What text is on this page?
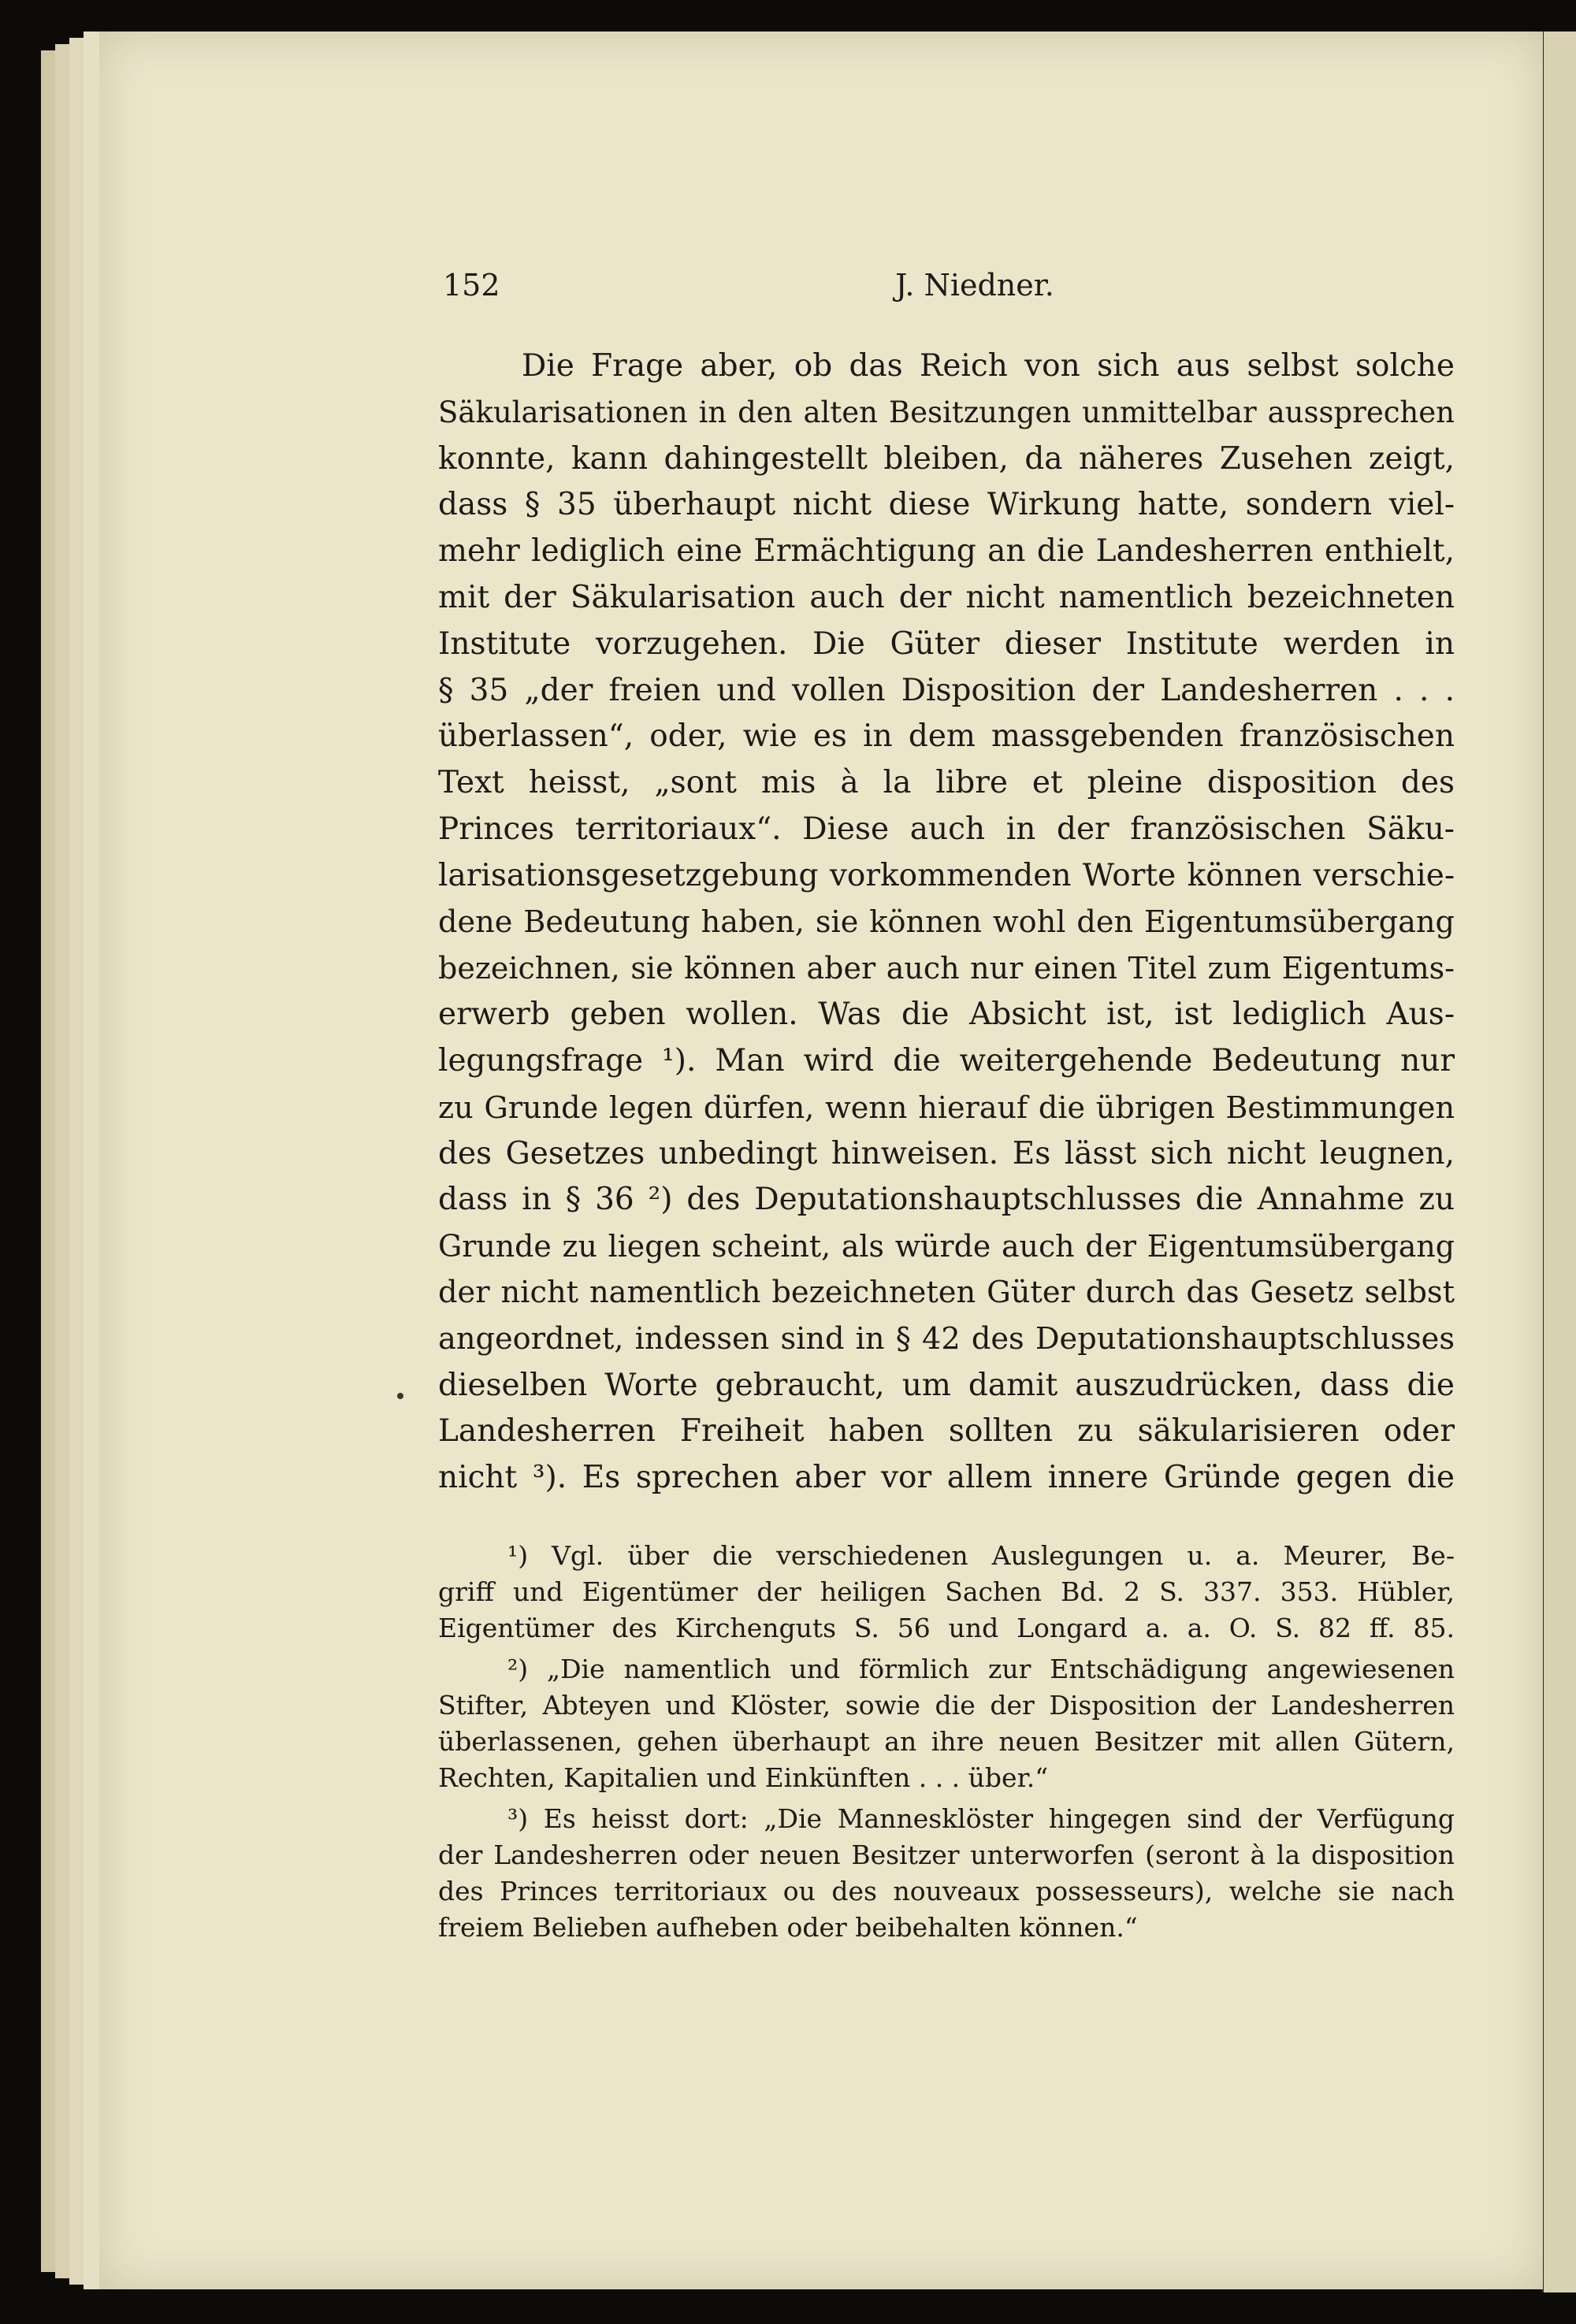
152	J. Niedner.
Die Frage aber, ob das Reich von sich aus selbst solche
Säkularisationen in den alten Besitzungen unmittelbar aussprechen
konnte, kann dahingestellt bleiben, da näheres Zusehen zeigt,
dass § 35 überhaupt nicht diese Wirkung hatte, sondern viel-
mehr lediglich eine Ermächtigung an die Landesherren enthielt,
mit der Säkularisation auch der nicht namentlich bezeichneten
Institute vorzugehen. Die Güter dieser Institute werden in
§ 35 „der freien und vollen Disposition der Landesherren . . .
überlassen“, oder, wie es in dem massgebenden französischen
Text heisst, „sont mis à la libre et pleine disposition des
Princes territoriaux“. Diese auch in der französischen Säku-
larisationsgesetzgebung vorkommenden Worte können verschie-
dene Bedeutung haben, sie können wohl den Eigentumsübergang
bezeichnen, sie können aber auch nur einen Titel zum Eigentums-
erwerb geben wollen. Was die Absicht ist, ist lediglich Aus-
legungsfrage ¹). Man wird die weitergehende Bedeutung nur
zu Grunde legen dürfen, wenn hierauf die übrigen Bestimmungen
des Gesetzes unbedingt hinweisen. Es lässt sich nicht leugnen,
dass in § 36 ²) des Deputationshauptschlusses die Annahme zu
Grunde zu liegen scheint, als würde auch der Eigentumsübergang
der nicht namentlich bezeichneten Güter durch das Gesetz selbst
angeordnet, indessen sind in § 42 des Deputationshauptschlusses
dieselben Worte gebraucht, um damit auszudrücken, dass die
Landesherren Freiheit haben sollten zu säkularisieren oder
nicht ³). Es sprechen aber vor allem innere Gründe gegen die
¹) Vgl. über die verschiedenen Auslegungen u. a. Meurer, Be-
griff und Eigentümer der heiligen Sachen Bd. 2 S. 337. 353. Hübler,
Eigentümer des Kirchenguts S. 56 und Longard a. a. O. S. 82 ff. 85.
²) „Die namentlich und förmlich zur Entschädigung angewiesenen
Stifter, Abteyen und Klöster, sowie die der Disposition der Landesherren
überlassenen, gehen überhaupt an ihre neuen Besitzer mit allen Gütern,
Rechten, Kapitalien und Einkünften . . . über.“
³) Es heisst dort: „Die Mannesklöster hingegen sind der Verfügung
der Landesherren oder neuen Besitzer unterworfen (seront à la disposition
des Princes territoriaux ou des nouveaux possesseurs), welche sie nach
freiem Belieben aufheben oder beibehalten können.“
